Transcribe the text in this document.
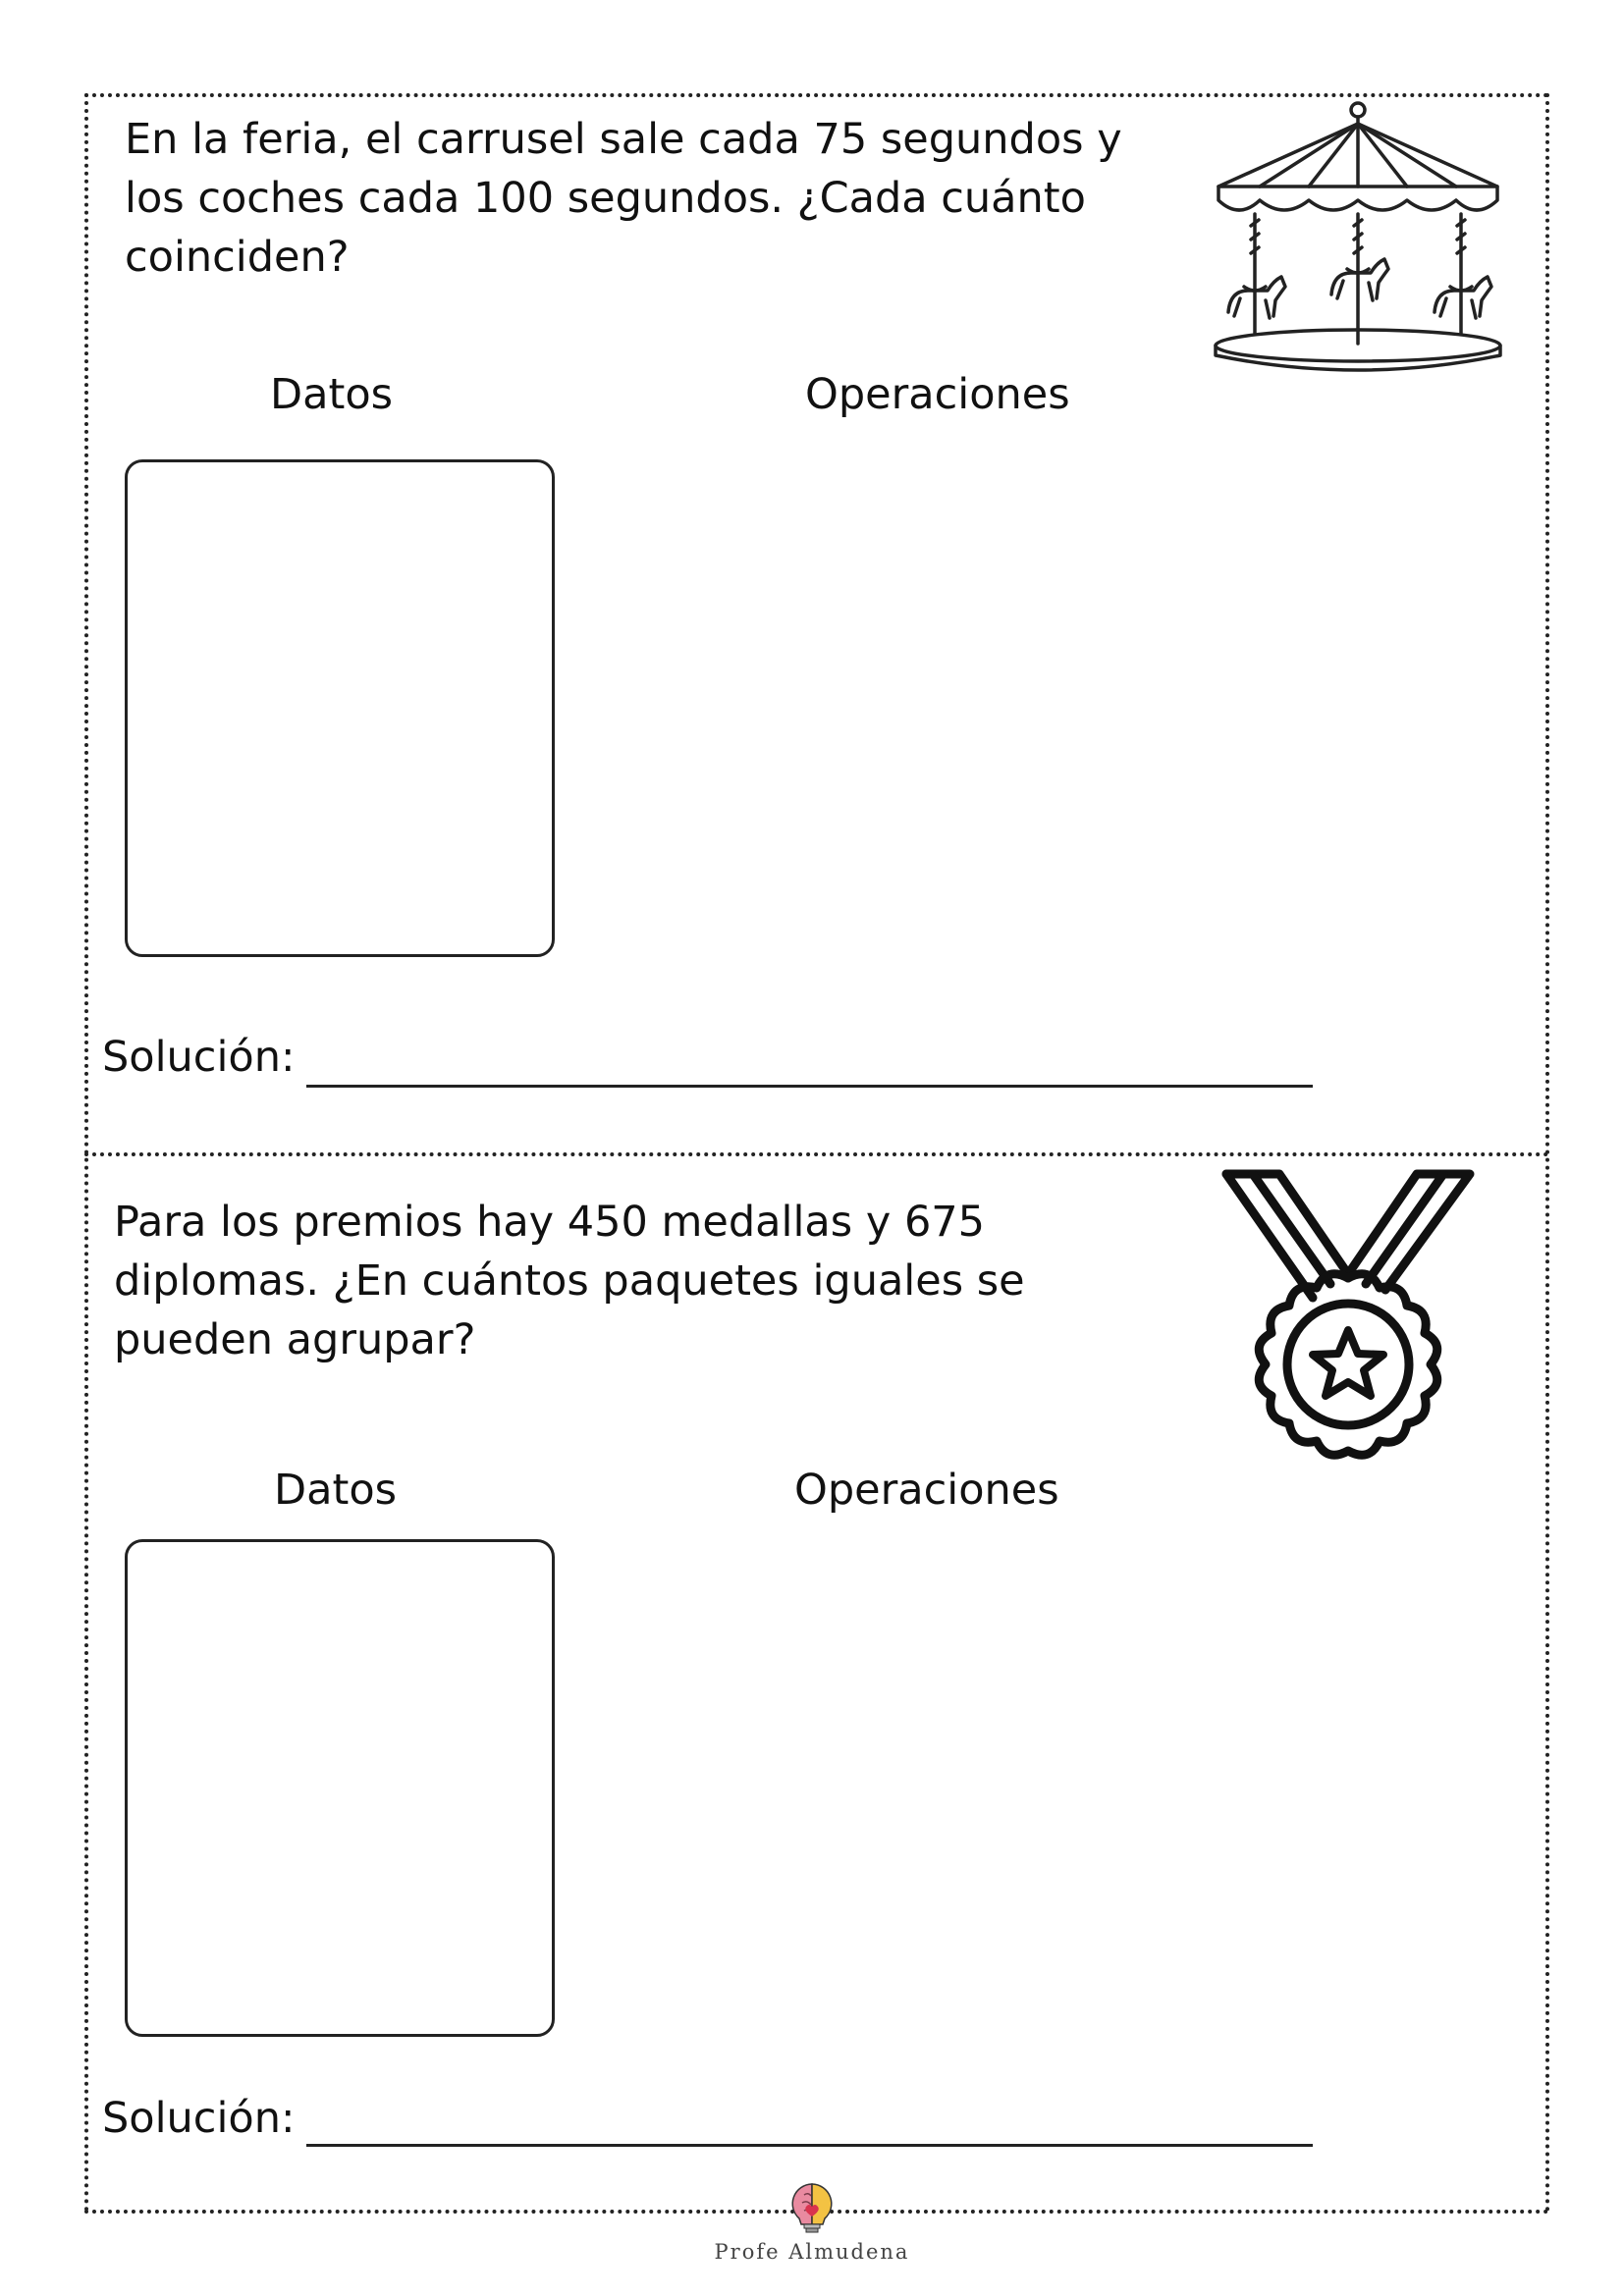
En la feria, el carrusel sale cada 75 segundos y los coches cada 100 segundos. ¿Cada cuánto coinciden?

Datos	Operaciones
Solución:

Para los premios hay 450 medallas y 675 diplomas. ¿En cuántos paquetes iguales se pueden agrupar?

Datos	Operaciones
Solución:
Profe Almudena
